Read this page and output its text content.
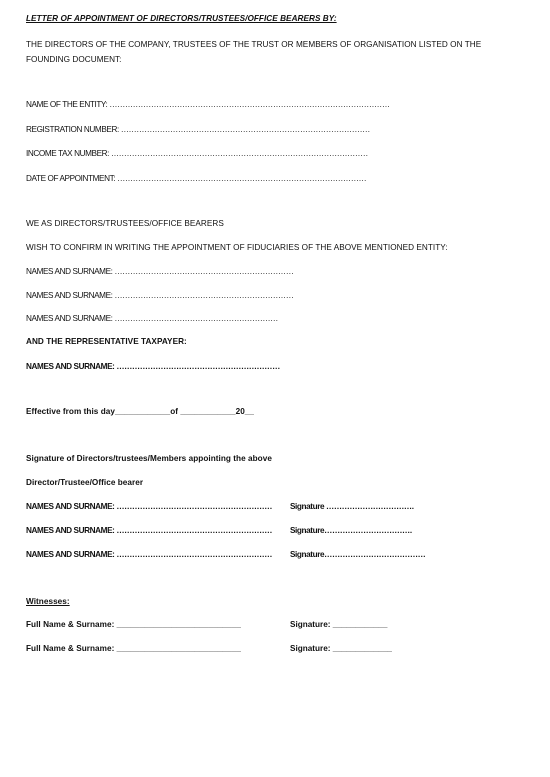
LETTER OF APPOINTMENT OF DIRECTORS/TRUSTEES/OFFICE BEARERS BY:
THE DIRECTORS OF THE COMPANY, TRUSTEES OF THE TRUST OR MEMBERS OF ORGANISATION LISTED ON THE
FOUNDING DOCUMENT:
NAME OF THE ENTITY: ………………………………………………………………………………………………
REGISTRATION NUMBER: ……………………………………………………………………………………
INCOME TAX NUMBER: ………………………………………………………………………………………
DATE OF APPOINTMENT: ……………………………………………………………………………………
WE AS DIRECTORS/TRUSTEES/OFFICE BEARERS
WISH TO CONFIRM IN WRITING THE APPOINTMENT OF FIDUCIARIES OF THE ABOVE MENTIONED ENTITY:
NAMES AND SURNAME: ……………………………………………………………
NAMES AND SURNAME: ……………………………………………………………
NAMES AND SURNAME: ………………………………………………………
AND THE REPRESENTATIVE TAXPAYER:
NAMES AND SURNAME: ………………………………………………………
Effective from this day____________of ____________20__
Signature of Directors/trustees/Members appointing the above
Director/Trustee/Office bearer
NAMES AND SURNAME: …………………………………………………… Signature …………………………….
NAMES AND SURNAME: …………………………………………………… Signature…………………………….
NAMES AND SURNAME: …………………………………………………… Signature…………………………………
Witnesses:
Full Name & Surname: ___________________________	Signature: ____________
Full Name & Surname: ___________________________	Signature: _____________
